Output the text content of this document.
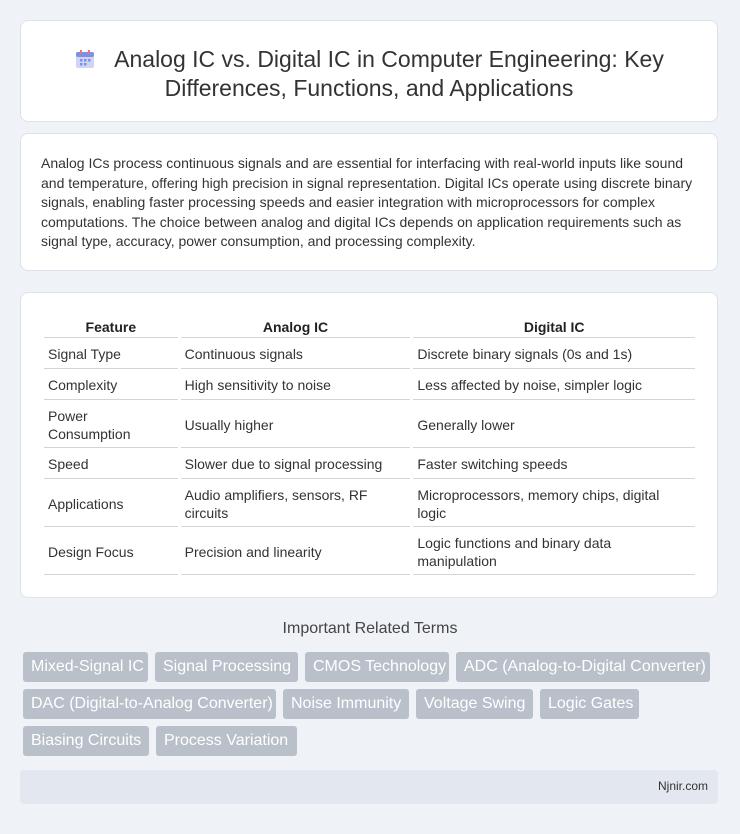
Analog IC vs. Digital IC in Computer Engineering: Key Differences, Functions, and Applications
Analog ICs process continuous signals and are essential for interfacing with real-world inputs like sound and temperature, offering high precision in signal representation. Digital ICs operate using discrete binary signals, enabling faster processing speeds and easier integration with microprocessors for complex computations. The choice between analog and digital ICs depends on application requirements such as signal type, accuracy, power consumption, and processing complexity.
Feature	Analog IC	Digital IC
Signal Type	Continuous signals	Discrete binary signals (0s and 1s)
Complexity	High sensitivity to noise	Less affected by noise, simpler logic
Power Consumption	Usually higher	Generally lower
Speed	Slower due to signal processing	Faster switching speeds
Applications	Audio amplifiers, sensors, RF circuits	Microprocessors, memory chips, digital logic
Design Focus	Precision and linearity	Logic functions and binary data manipulation
Important Related Terms
Mixed-Signal IC	Signal Processing	CMOS Technology	ADC (Analog-to-Digital Converter)
DAC (Digital-to-Analog Converter)	Noise Immunity	Voltage Swing	Logic Gates
Biasing Circuits	Process Variation
Njnir.com
